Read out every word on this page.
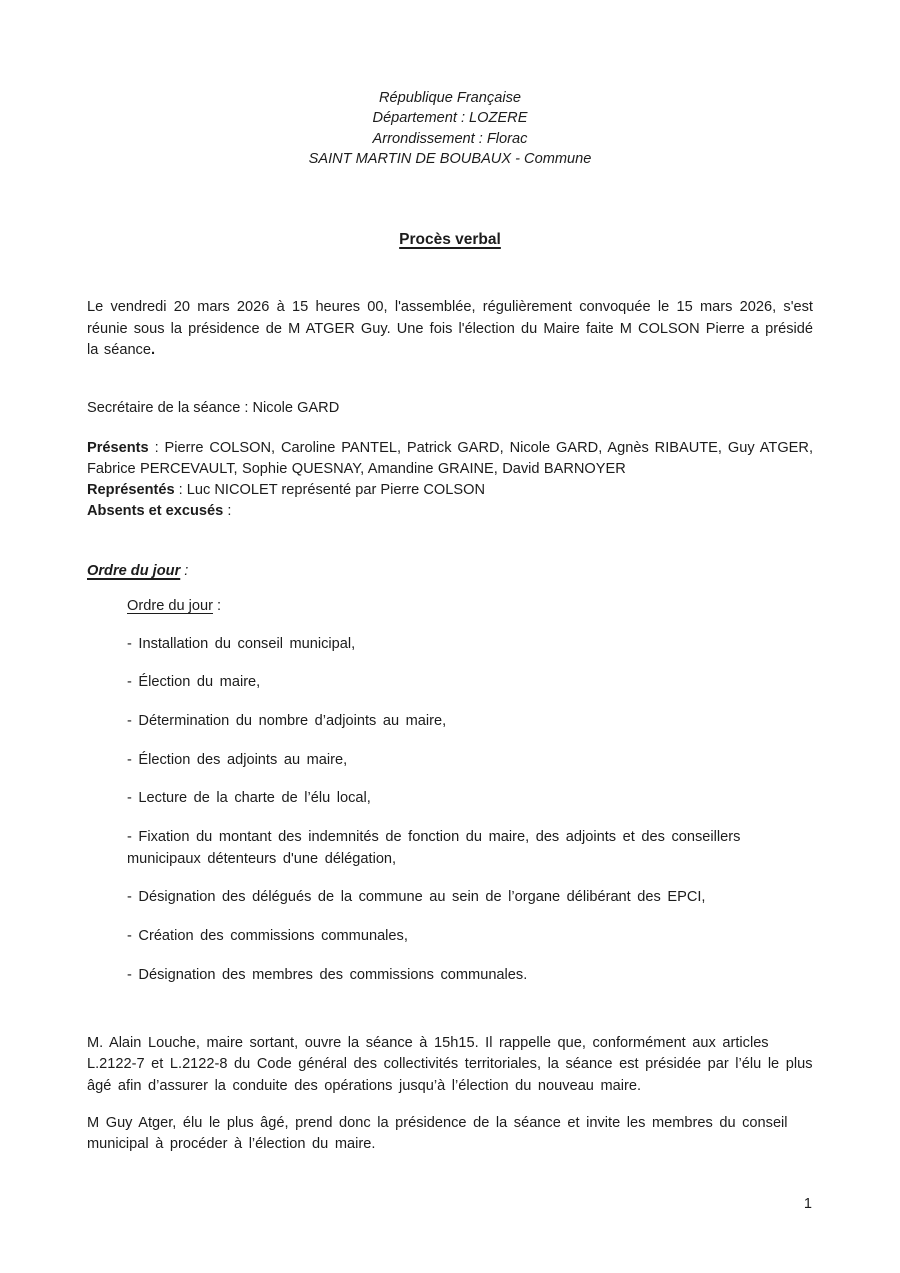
République Française
Département : LOZERE
Arrondissement : Florac
SAINT MARTIN DE BOUBAUX - Commune
Procès verbal

Le vendredi 20 mars 2026 à 15 heures 00, l'assemblée, régulièrement convoquée le 15 mars 2026, s'est réunie sous la présidence de M ATGER Guy. Une fois l'élection du Maire faite M COLSON Pierre a présidé la séance.

Secrétaire de la séance : Nicole GARD

Présents : Pierre COLSON, Caroline PANTEL, Patrick GARD, Nicole GARD, Agnès RIBAUTE, Guy ATGER, Fabrice PERCEVAULT, Sophie QUESNAY, Amandine GRAINE, David BARNOYER

Représentés : Luc NICOLET représenté par Pierre COLSON

Absents et excusés :

Ordre du jour :
Ordre du jour :
- Installation du conseil municipal,
- Élection du maire,
- Détermination du nombre d’adjoints au maire,
- Élection des adjoints au maire,
- Lecture de la charte de l’élu local,
- Fixation du montant des indemnités de fonction du maire, des adjoints et des conseillers municipaux détenteurs d'une délégation,
- Désignation des délégués de la commune au sein de l’organe délibérant des EPCI,
- Création des commissions communales,
- Désignation des membres des commissions communales.

M. Alain Louche, maire sortant, ouvre la séance à 15h15. Il rappelle que, conformément aux articles L.2122-7 et L.2122-8 du Code général des collectivités territoriales, la séance est présidée par l’élu le plus âgé afin d’assurer la conduite des opérations jusqu’à l’élection du nouveau maire.

M Guy Atger, élu le plus âgé, prend donc la présidence de la séance et invite les membres du conseil municipal à procéder à l’élection du maire.

1
